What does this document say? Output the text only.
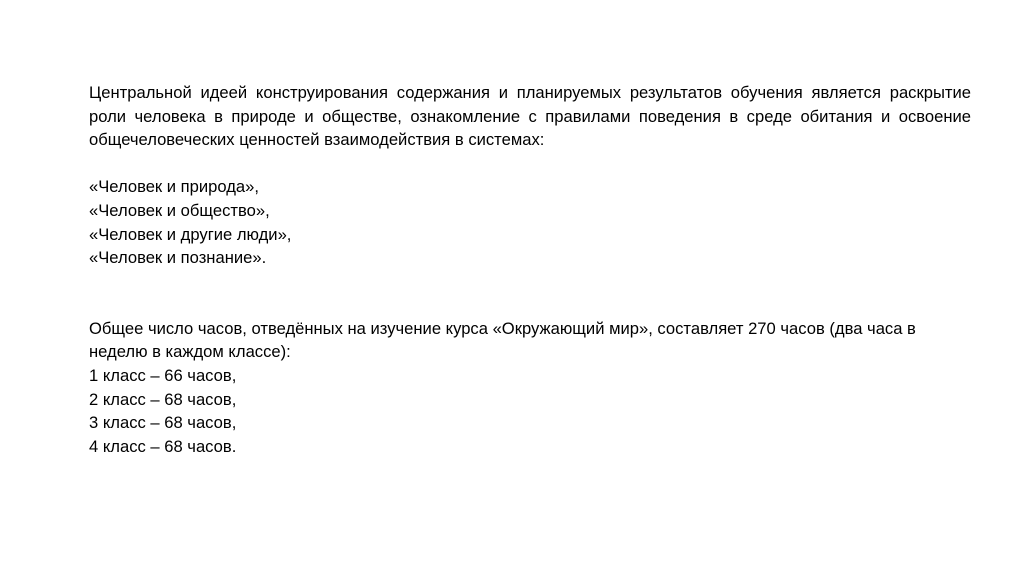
Центральной идеей конструирования содержания и планируемых результатов обучения является раскрытие роли человека в природе и обществе, ознакомление с правилами поведения в среде обитания и освоение общечеловеческих ценностей взаимодействия в системах:

«Человек и природа»,
«Человек и общество»,
«Человек и другие люди»,
«Человек и познание».

Общее число часов, отведённых на изучение курса «Окружающий мир», составляет 270 часов (два часа в неделю в каждом классе):

1 класс – 66 часов,
2 класс – 68 часов,
3 класс – 68 часов,
4 класс – 68 часов.
